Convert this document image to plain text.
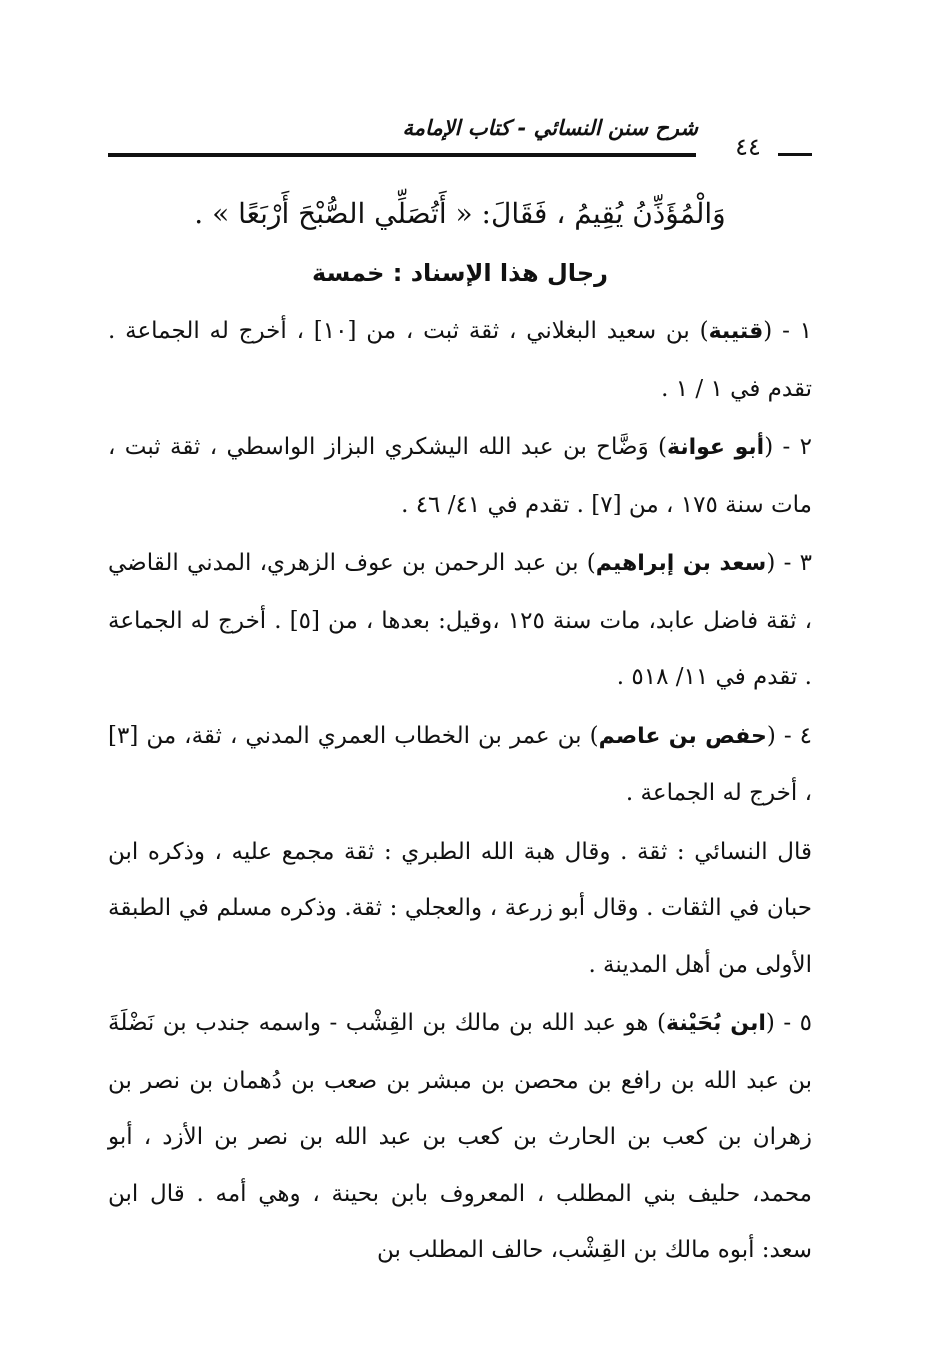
شرح سنن النسائي - كتاب الإمامة
٤٤
وَالْمُؤَذِّنُ يُقِيمُ ، فَقَالَ: « أَتُصَلِّي الصُّبْحَ أَرْبَعًا » .
رجال هذا الإسناد : خمسة

١ - (قتيبة) بن سعيد البغلاني ، ثقة ثبت ، من [١٠] ، أخرج له الجماعة . تقدم في ١ / ١ .

٢ - (أبو عوانة) وَضَّاح بن عبد الله اليشكري البزاز الواسطي ، ثقة ثبت ، مات سنة ١٧٥ ، من [٧] . تقدم في ٤١/ ٤٦ .

٣ - (سعد بن إبراهيم) بن عبد الرحمن بن عوف الزهري، المدني القاضي ، ثقة فاضل عابد، مات سنة ١٢٥ ،وقيل: بعدها ، من [٥] . أخرج له الجماعة . تقدم في ١١/ ٥١٨ .

٤ - (حفص بن عاصم) بن عمر بن الخطاب العمري المدني ، ثقة، من [٣] ، أخرج له الجماعة .

قال النسائي : ثقة . وقال هبة الله الطبري : ثقة مجمع عليه ، وذكره ابن حبان في الثقات . وقال أبو زرعة ، والعجلي : ثقة. وذكره مسلم في الطبقة الأولى من أهل المدينة .

٥ - (ابن بُحَيْنة) هو عبد الله بن مالك بن القِشْب - واسمه جندب بن نَضْلَةَ بن عبد الله بن رافع بن محصن بن مبشر بن صعب بن دُهمان بن نصر بن زهران بن كعب بن الحارث بن كعب بن عبد الله بن نصر بن الأزد ، أبو محمد، حليف بني المطلب ، المعروف بابن بحينة ، وهي أمه . قال ابن سعد: أبوه مالك بن القِشْب، حالف المطلب بن
